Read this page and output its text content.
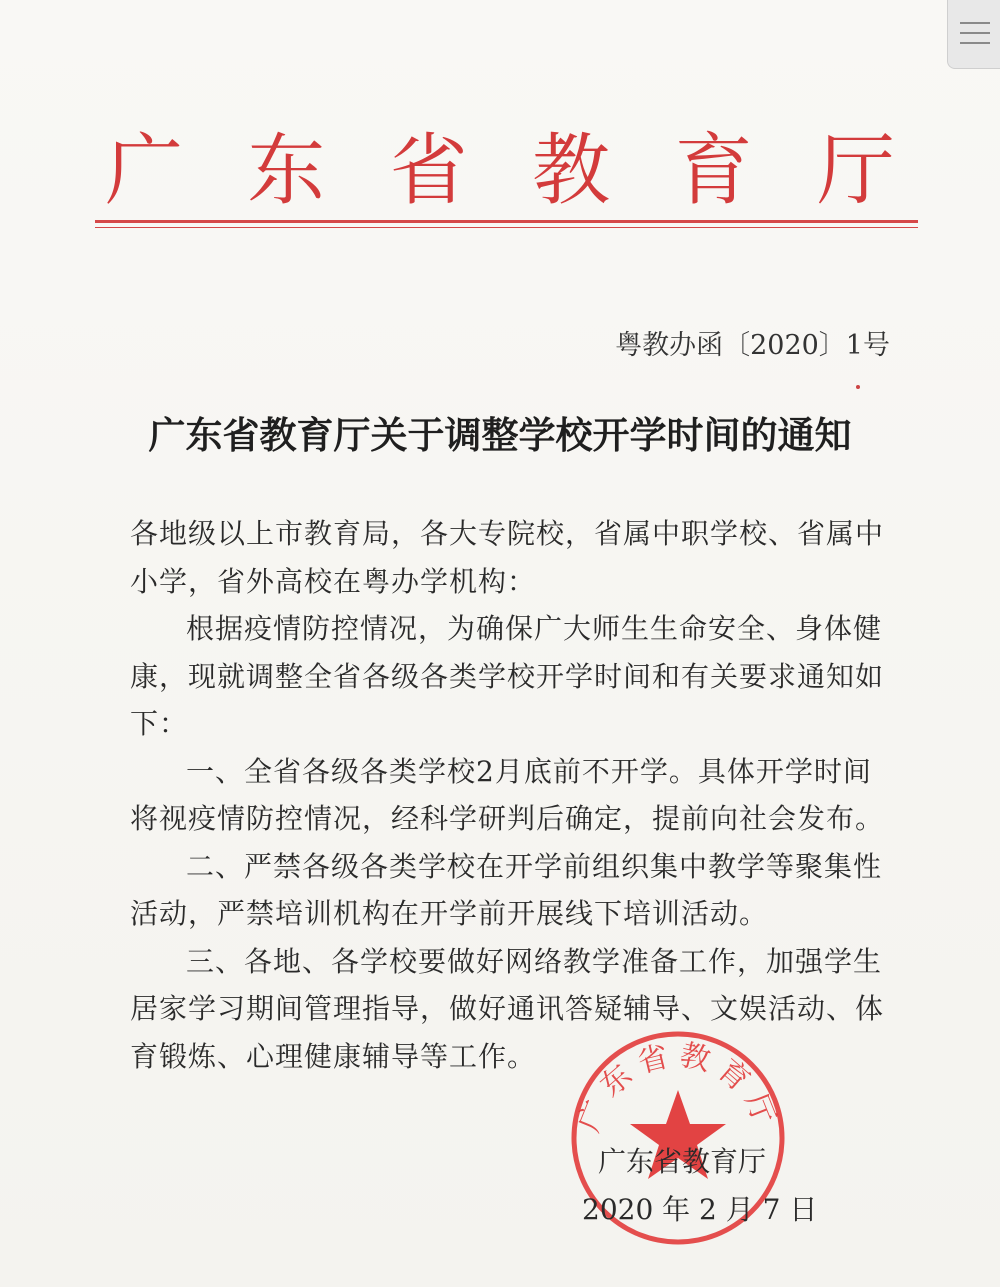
广 东 省 教 育 厅
粤教办函〔2020〕1号
广东省教育厅关于调整学校开学时间的通知

各地级以上市教育局，各大专院校，省属中职学校、省属中小学，省外高校在粤办学机构：

根据疫情防控情况，为确保广大师生生命安全、身体健康，现就调整全省各级各类学校开学时间和有关要求通知如下：

一、全省各级各类学校2月底前不开学。具体开学时间将视疫情防控情况，经科学研判后确定，提前向社会发布。

二、严禁各级各类学校在开学前组织集中教学等聚集性活动，严禁培训机构在开学前开展线下培训活动。

三、各地、各学校要做好网络教学准备工作，加强学生居家学习期间管理指导，做好通讯答疑辅导、文娱活动、体育锻炼、心理健康辅导等工作。

广东省教育厅
广东省教育厅
2020 年 2 月 7 日
